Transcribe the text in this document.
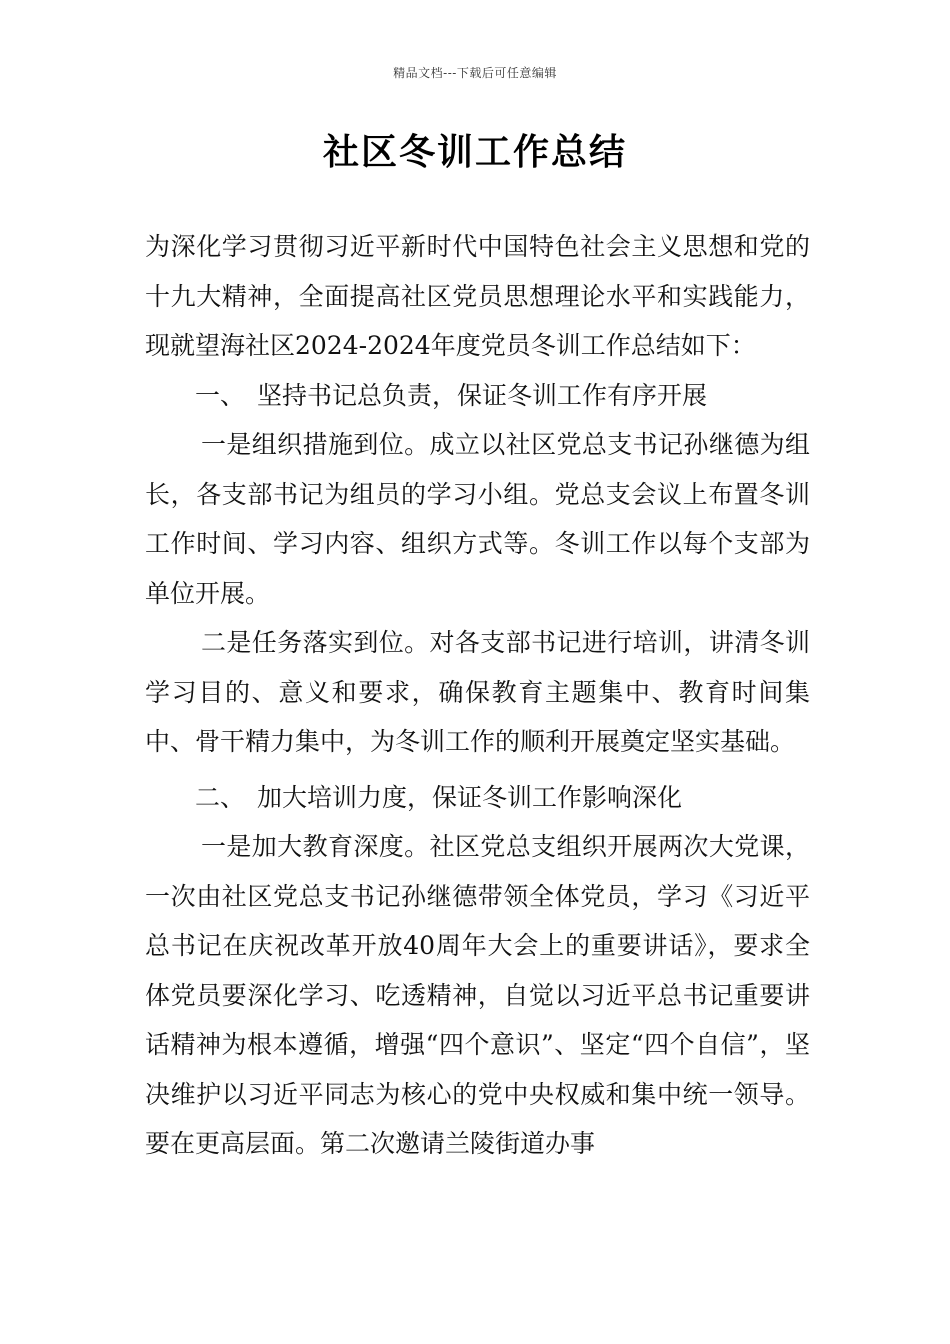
精品文档---下载后可任意编辑
社区冬训工作总结

为深化学习贯彻习近平新时代中国特色社会主义思想和党的十九大精神，全面提高社区党员思想理论水平和实践能力，现就望海社区2024-2024年度党员冬训工作总结如下：

一、 坚持书记总负责，保证冬训工作有序开展

一是组织措施到位。成立以社区党总支书记孙继德为组长，各支部书记为组员的学习小组。党总支会议上布置冬训工作时间、学习内容、组织方式等。冬训工作以每个支部为单位开展。

二是任务落实到位。对各支部书记进行培训，讲清冬训学习目的、意义和要求，确保教育主题集中、教育时间集中、骨干精力集中，为冬训工作的顺利开展奠定坚实基础。

二、 加大培训力度，保证冬训工作影响深化

一是加大教育深度。社区党总支组织开展两次大党课，一次由社区党总支书记孙继德带领全体党员，学习《习近平总书记在庆祝改革开放40周年大会上的重要讲话》，要求全体党员要深化学习、吃透精神，自觉以习近平总书记重要讲话精神为根本遵循，增强“四个意识”、坚定“四个自信”，坚决维护以习近平同志为核心的党中央权威和集中统一领导。要在更高层面。第二次邀请兰陵街道办事
